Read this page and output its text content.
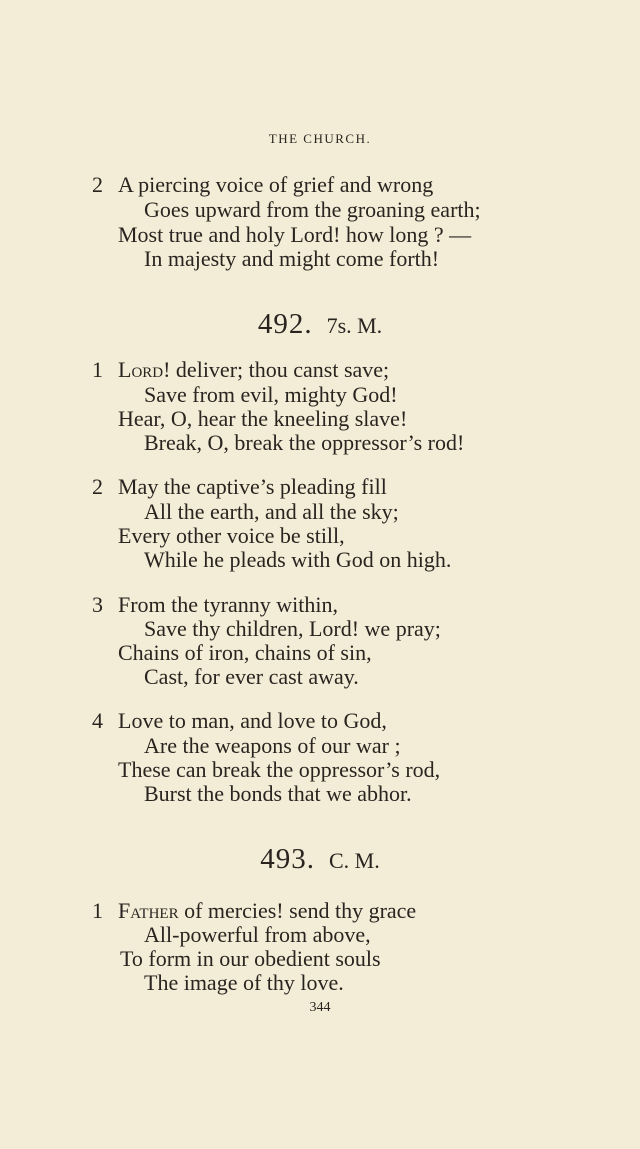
THE CHURCH.
2 A piercing voice of grief and wrong
Goes upward from the groaning earth;
Most true and holy Lord! how long ? —
In majesty and might come forth!
492. 7s. M.
1 Lord! deliver; thou canst save;
Save from evil, mighty God!
Hear, O, hear the kneeling slave!
Break, O, break the oppressor’s rod!
2 May the captive’s pleading fill
All the earth, and all the sky;
Every other voice be still,
While he pleads with God on high.
3 From the tyranny within,
Save thy children, Lord! we pray;
Chains of iron, chains of sin,
Cast, for ever cast away.
4 Love to man, and love to God,
Are the weapons of our war ;
These can break the oppressor’s rod,
Burst the bonds that we abhor.
493. C. M.
1 Father of mercies! send thy grace
All-powerful from above,
To form in our obedient souls
The image of thy love.
344
